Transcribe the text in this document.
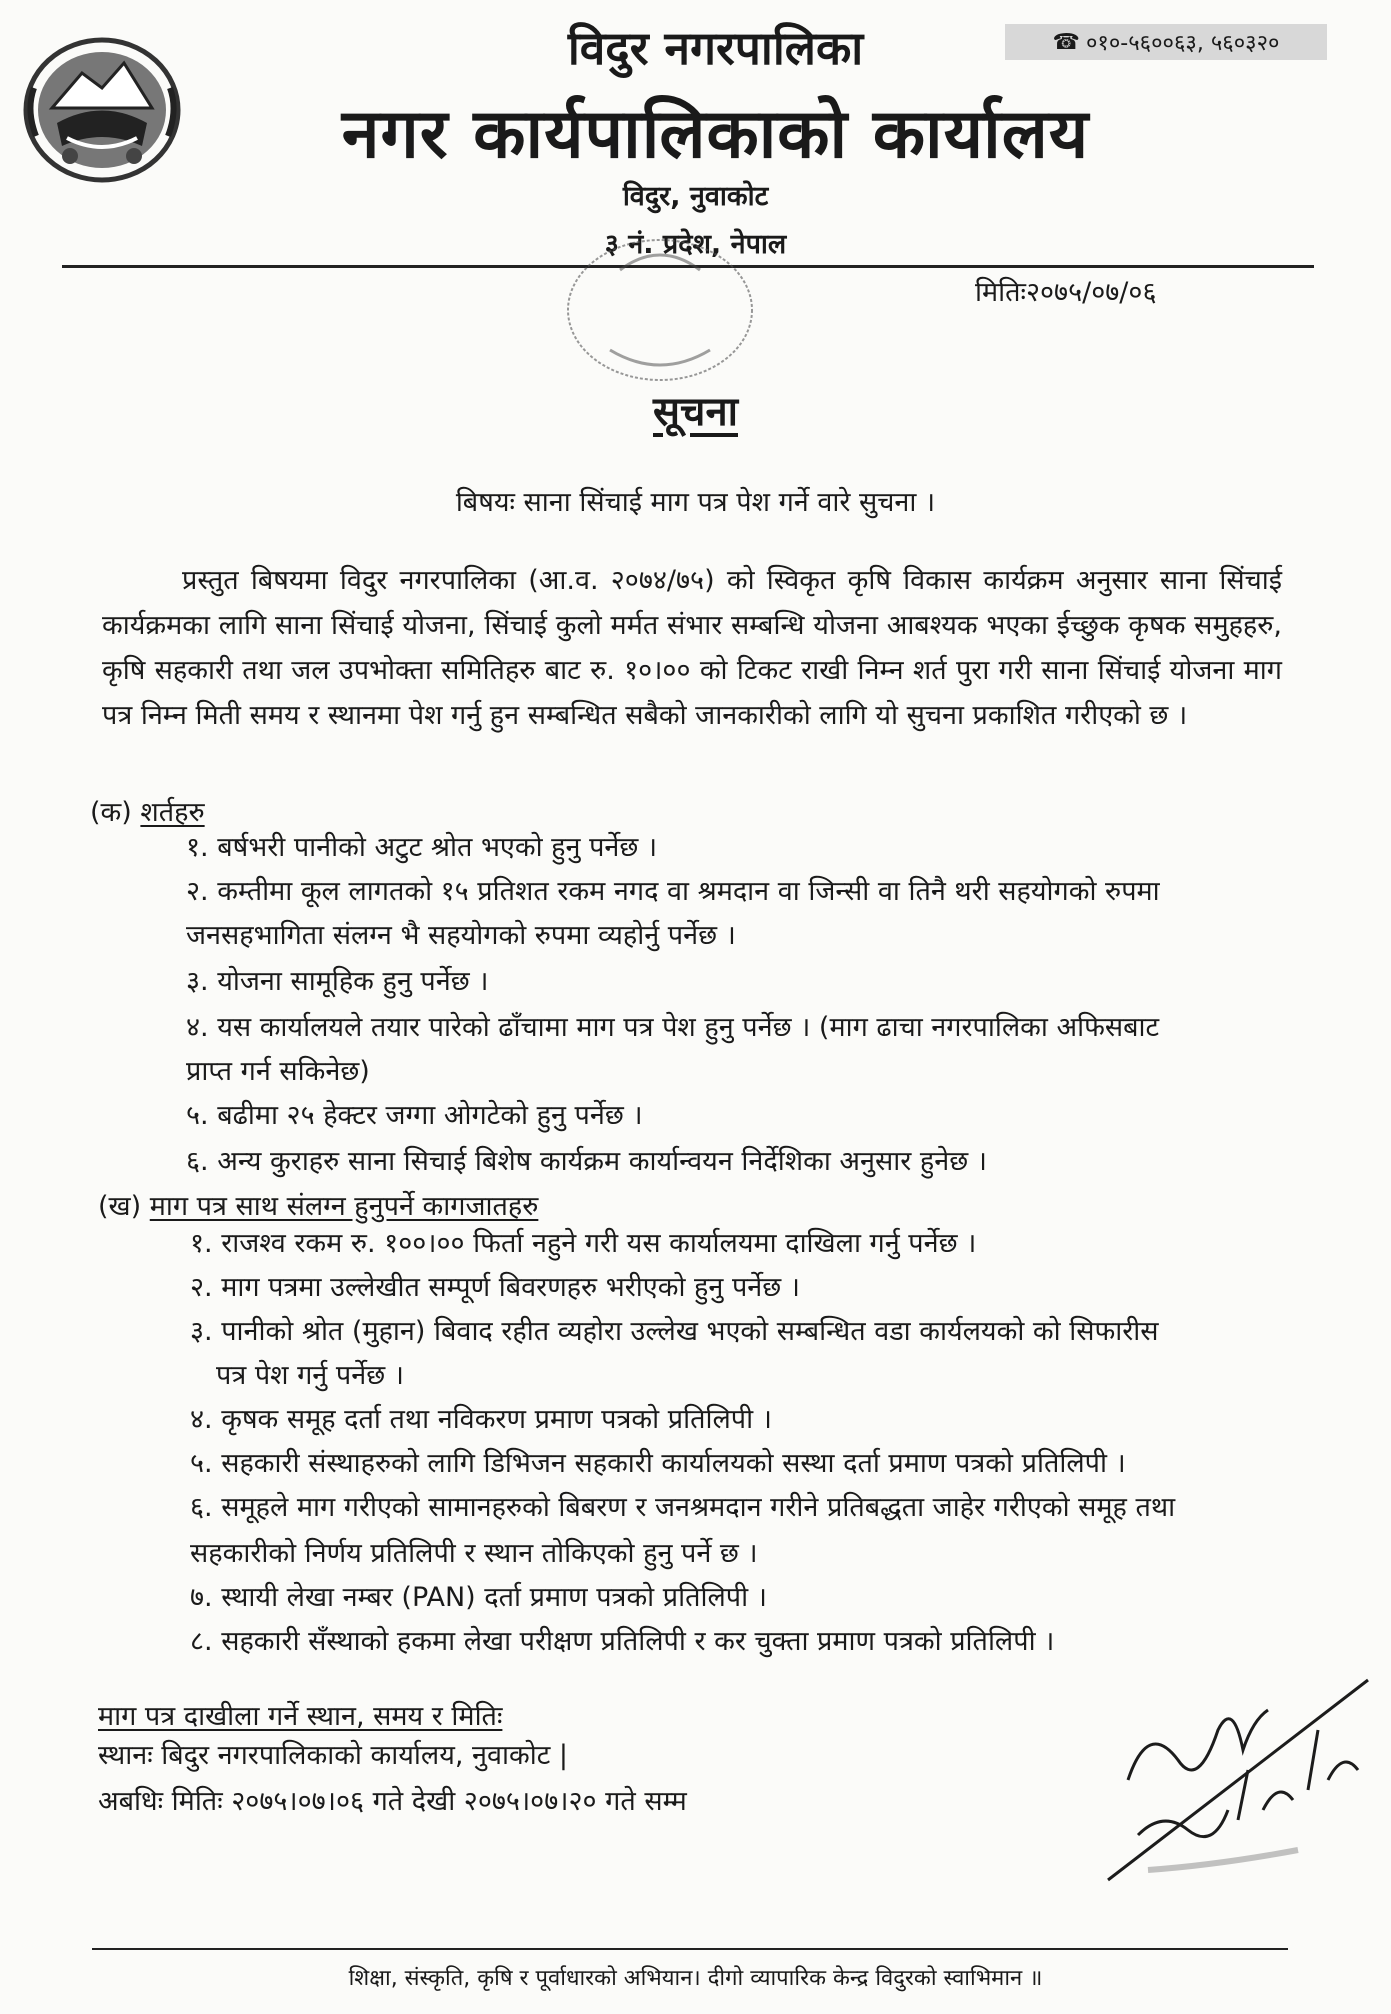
विदुर नगरपालिका
नगर कार्यपालिकाको कार्यालय
☎ ०१०-५६००६३, ५६०३२०
विदुर, नुवाकोट
३ नं. प्रदेश, नेपाल
मितिः२०७५/०७/०६
सूचना
बिषयः साना सिंचाई माग पत्र पेश गर्ने वारे सुचना ।

प्रस्तुत बिषयमा विदुर नगरपालिका (आ.व. २०७४/७५) को स्विकृत कृषि विकास कार्यक्रम अनुसार साना सिंचाई कार्यक्रमका लागि साना सिंचाई योजना, सिंचाई कुलो मर्मत संभार सम्बन्धि योजना आबश्यक भएका ईच्छुक कृषक समुहहरु, कृषि सहकारी तथा जल उपभोक्ता समितिहरु बाट रु. १०।०० को टिकट राखी निम्न शर्त पुरा गरी साना सिंचाई योजना माग पत्र निम्न मिती समय र स्थानमा पेश गर्नु हुन सम्बन्धित सबैको जानकारीको लागि यो सुचना प्रकाशित गरीएको छ ।

(क) शर्तहरु
१. बर्षभरी पानीको अटुट श्रोत भएको हुनु पर्नेछ ।
२. कम्तीमा कूल लागतको १५ प्रतिशत रकम नगद वा श्रमदान वा जिन्सी वा तिनै थरी सहयोगको रुपमा
जनसहभागिता संलग्न भै सहयोगको रुपमा व्यहोर्नु पर्नेछ ।
३. योजना सामूहिक हुनु पर्नेछ ।
४. यस कार्यालयले तयार पारेको ढाँचामा माग पत्र पेश हुनु पर्नेछ । (माग ढाचा नगरपालिका अफिसबाट
प्राप्त गर्न सकिनेछ)
५. बढीमा २५ हेक्टर जग्गा ओगटेको हुनु पर्नेछ ।
६. अन्य कुराहरु साना सिचाई बिशेष कार्यक्रम कार्यान्वयन निर्देशिका अनुसार हुनेछ ।
(ख) माग पत्र साथ संलग्न हुनुपर्ने कागजातहरु
१. राजश्व रकम रु. १००।०० फिर्ता नहुने गरी यस कार्यालयमा दाखिला गर्नु पर्नेछ ।
२. माग पत्रमा उल्लेखीत सम्पूर्ण बिवरणहरु भरीएको हुनु पर्नेछ ।
३. पानीको श्रोत (मुहान) बिवाद रहीत व्यहोरा उल्लेख भएको सम्बन्धित वडा कार्यलयको को सिफारीस
पत्र पेश गर्नु पर्नेछ ।
४. कृषक समूह दर्ता तथा नविकरण प्रमाण पत्रको प्रतिलिपी ।
५. सहकारी संस्थाहरुको लागि डिभिजन सहकारी कार्यालयको सस्था दर्ता प्रमाण पत्रको प्रतिलिपी ।
६. समूहले माग गरीएको सामानहरुको बिबरण र जनश्रमदान गरीने प्रतिबद्धता जाहेर गरीएको समूह तथा
सहकारीको निर्णय प्रतिलिपी र स्थान तोकिएको हुनु पर्ने छ ।
७. स्थायी लेखा नम्बर (PAN) दर्ता प्रमाण पत्रको प्रतिलिपी ।
८. सहकारी सँस्थाको हकमा लेखा परीक्षण प्रतिलिपी र कर चुक्ता प्रमाण पत्रको प्रतिलिपी ।
माग पत्र दाखीला गर्ने स्थान, समय र मितिः
स्थानः बिदुर नगरपालिकाको कार्यालय, नुवाकोट |
अबधिः मितिः २०७५।०७।०६ गते देखी २०७५।०७।२० गते सम्म
शिक्षा, संस्कृति, कृषि र पूर्वाधारको अभियान। दीगो व्यापारिक केन्द्र विदुरको स्वाभिमान ॥
